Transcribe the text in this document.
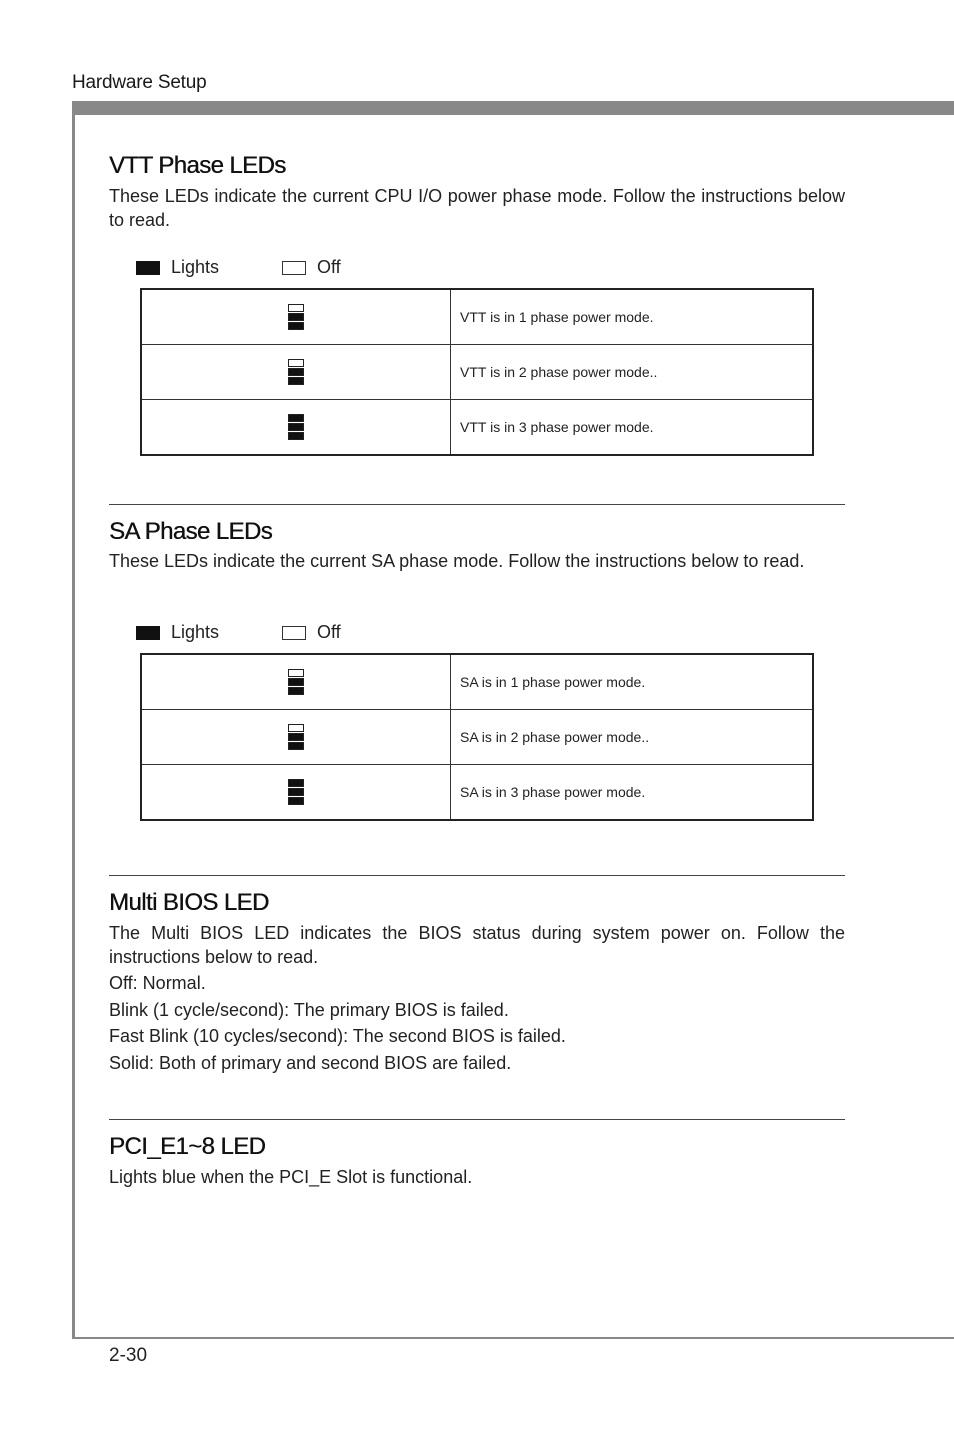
Hardware Setup
VTT Phase LEDs

These LEDs indicate the current CPU I/O power phase mode. Follow the instructions below to read.

Lights	Off
	VTT is in 1 phase power mode.

	VTT is in 2 phase power mode..

	VTT is in 3 phase power mode.
SA Phase LEDs

These LEDs indicate the current SA phase mode. Follow the instructions below to read.

Lights	Off
	SA is in 1 phase power mode.

	SA is in 2 phase power mode..

	SA is in 3 phase power mode.
Multi BIOS LED

The Multi BIOS LED indicates the BIOS status during system power on. Follow the instructions below to read.

Off: Normal.

Blink (1 cycle/second): The primary BIOS is failed.

Fast Blink (10 cycles/second): The second BIOS is failed.

Solid: Both of primary and second BIOS are failed.

PCI_E1~8 LED

Lights blue when the PCI_E Slot is functional.

2-30
